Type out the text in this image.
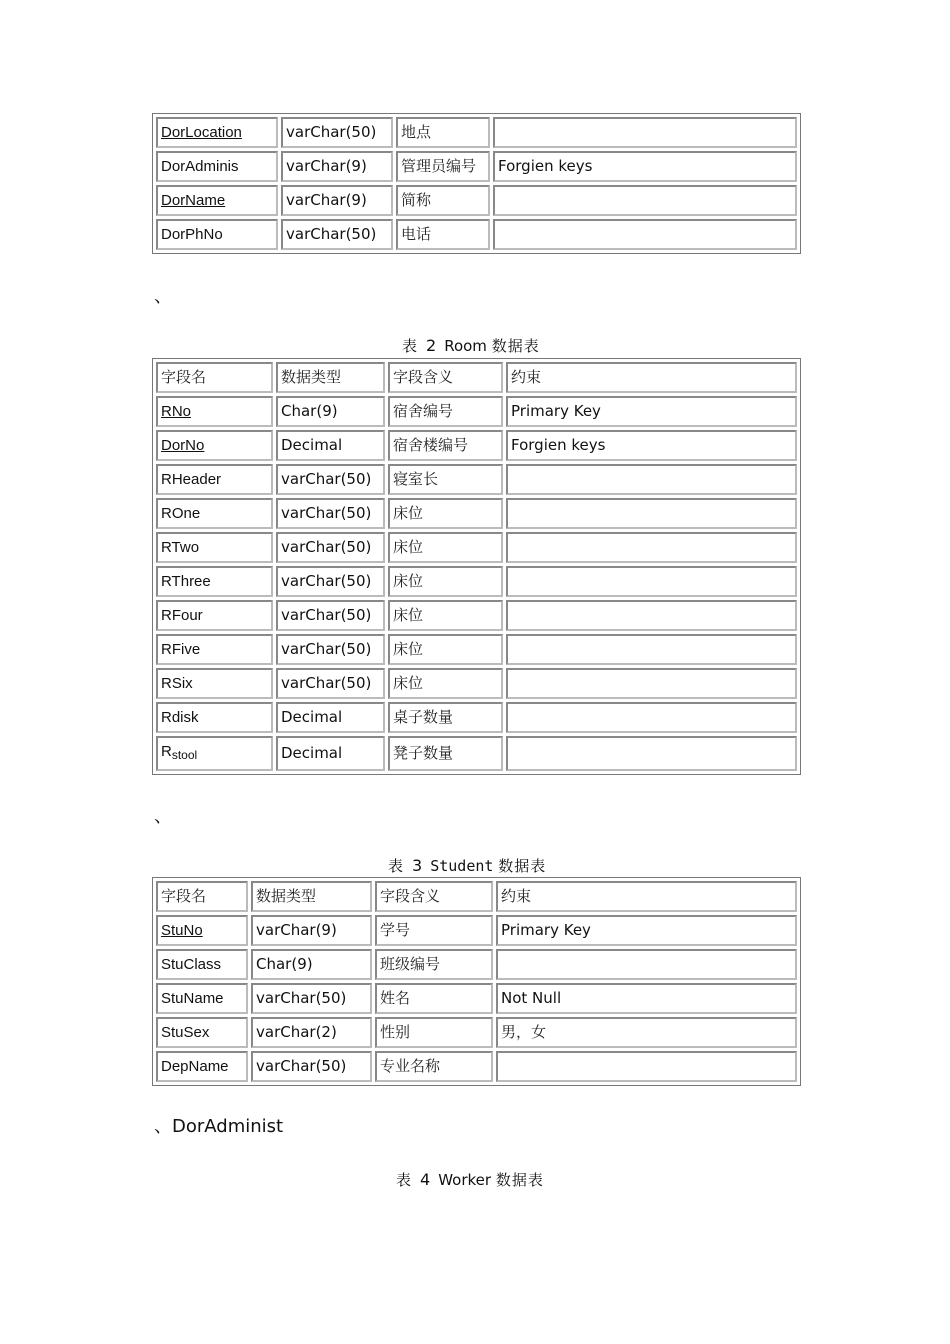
DorLocation	varChar(50)	地点	
DorAdminis	varChar(9)	管理员编号	Forgien keys
DorName	varChar(9)	简称	
DorPhNo	varChar(50)	电话	
、
表 2 Room 数据表
字段名	数据类型	字段含义	约束
RNo	Char(9)	宿舍编号	Primary Key
DorNo	Decimal	宿舍楼编号	Forgien keys
RHeader	varChar(50)	寝室长	
ROne	varChar(50)	床位	
RTwo	varChar(50)	床位	
RThree	varChar(50)	床位	
RFour	varChar(50)	床位	
RFive	varChar(50)	床位	
RSix	varChar(50)	床位	
Rdisk	Decimal	桌子数量	
$R_{stool}$	Decimal	凳子数量	
、
表 3 Student 数据表
字段名	数据类型	字段含义	约束
StuNo	varChar(9)	学号	Primary Key
StuClass	Char(9)	班级编号	
StuName	varChar(50)	姓名	Not Null
StuSex	varChar(2)	性别	男，女
DepName	varChar(50)	专业名称	
、DorAdminist
表 4 Worker 数据表
